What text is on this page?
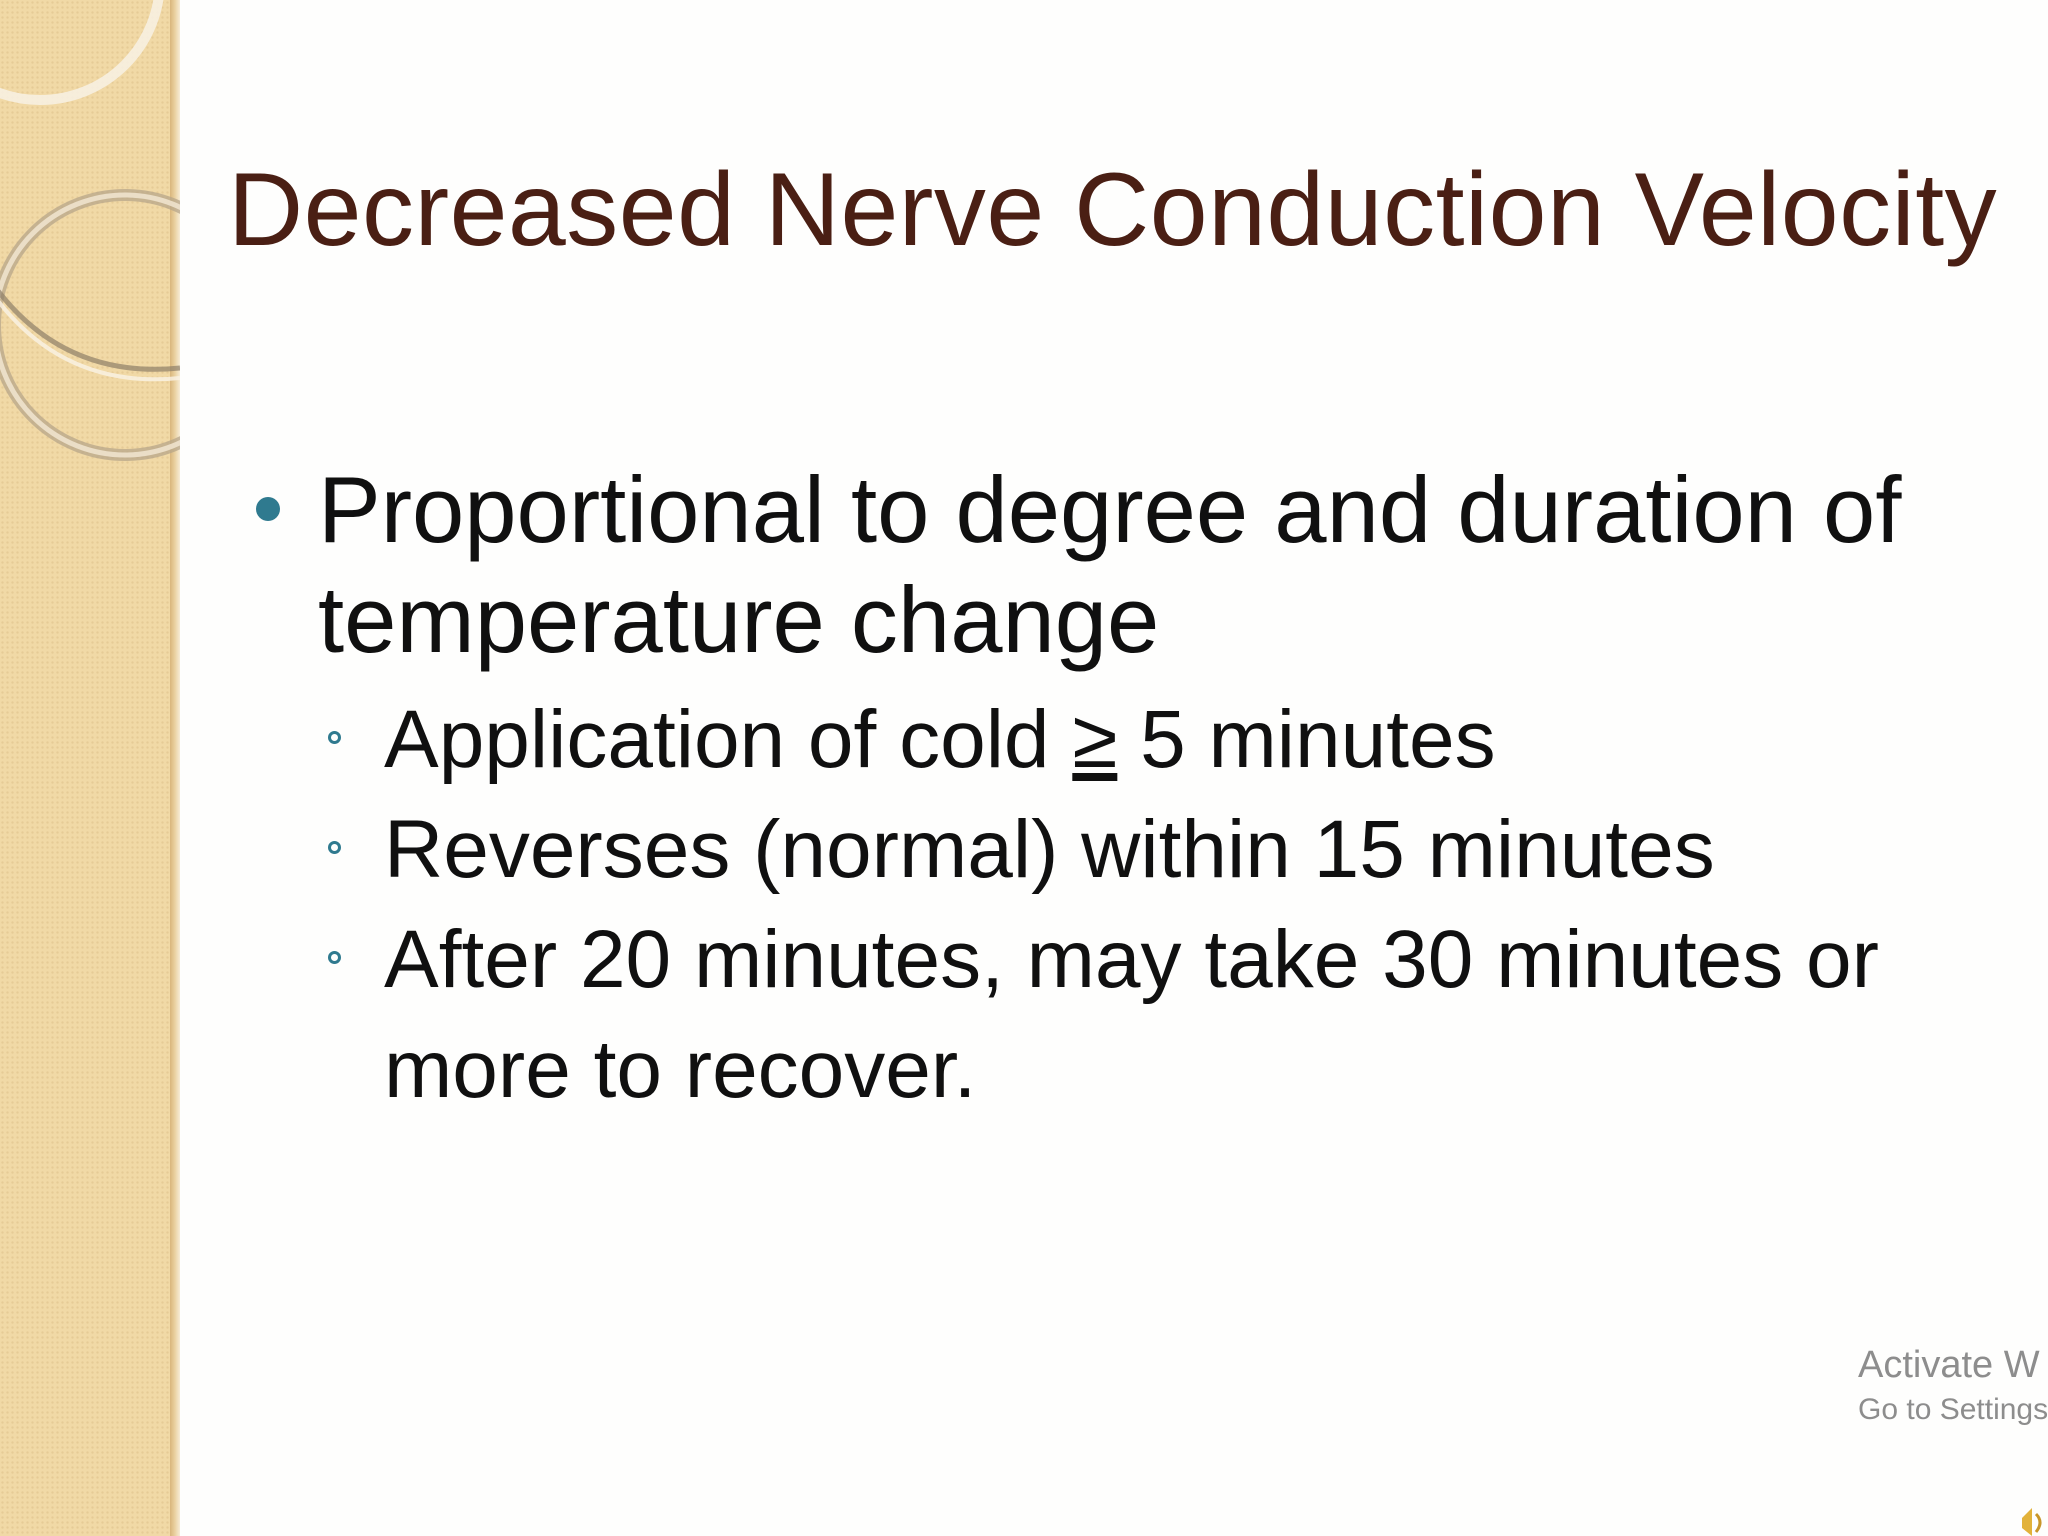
Decreased Nerve Conduction Velocity
Proportional to degree and duration of temperature change
Application of cold ≥ 5 minutes
Reverses (normal) within 15 minutes
After 20 minutes, may take 30 minutes or more to recover.
Activate W
Go to Settings
